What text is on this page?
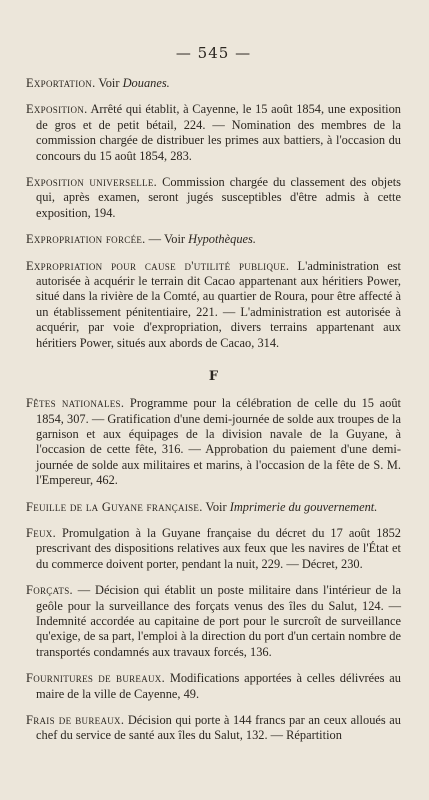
— 545 —

Exportation. Voir Douanes.

Exposition. Arrêté qui établit, à Cayenne, le 15 août 1854, une exposition de gros et de petit bétail, 224. — Nomination des membres de la commission chargée de distribuer les primes aux battiers, à l'occasion du concours du 15 août 1854, 283.

Exposition universelle. Commission chargée du classement des objets qui, après examen, seront jugés susceptibles d'être admis à cette exposition, 194.

Expropriation forcée. — Voir Hypothèques.

Expropriation pour cause d'utilité publique. L'administration est autorisée à acquérir le terrain dit Cacao appartenant aux héritiers Power, situé dans la rivière de la Comté, au quartier de Roura, pour être affecté à un établissement pénitentiaire, 221. — L'administration est autorisée à acquérir, par voie d'expropriation, divers terrains appartenant aux héritiers Power, situés aux abords de Cacao, 314.

F

Fêtes nationales. Programme pour la célébration de celle du 15 août 1854, 307. — Gratification d'une demi-journée de solde aux troupes de la garnison et aux équipages de la division navale de la Guyane, à l'occasion de cette fête, 316. — Approbation du paiement d'une demi-journée de solde aux militaires et marins, à l'occasion de la fête de S. M. l'Empereur, 462.

Feuille de la Guyane française. Voir Imprimerie du gouvernement.

Feux. Promulgation à la Guyane française du décret du 17 août 1852 prescrivant des dispositions relatives aux feux que les navires de l'État et du commerce doivent porter, pendant la nuit, 229. — Décret, 230.

Forçats. — Décision qui établit un poste militaire dans l'intérieur de la geôle pour la surveillance des forçats venus des îles du Salut, 124. — Indemnité accordée au capitaine de port pour le surcroît de surveillance qu'exige, de sa part, l'emploi à la direction du port d'un certain nombre de transportés condamnés aux travaux forcés, 136.

Fournitures de bureaux. Modifications apportées à celles délivrées au maire de la ville de Cayenne, 49.

Frais de bureaux. Décision qui porte à 144 francs par an ceux alloués au chef du service de santé aux îles du Salut, 132. — Répartition
